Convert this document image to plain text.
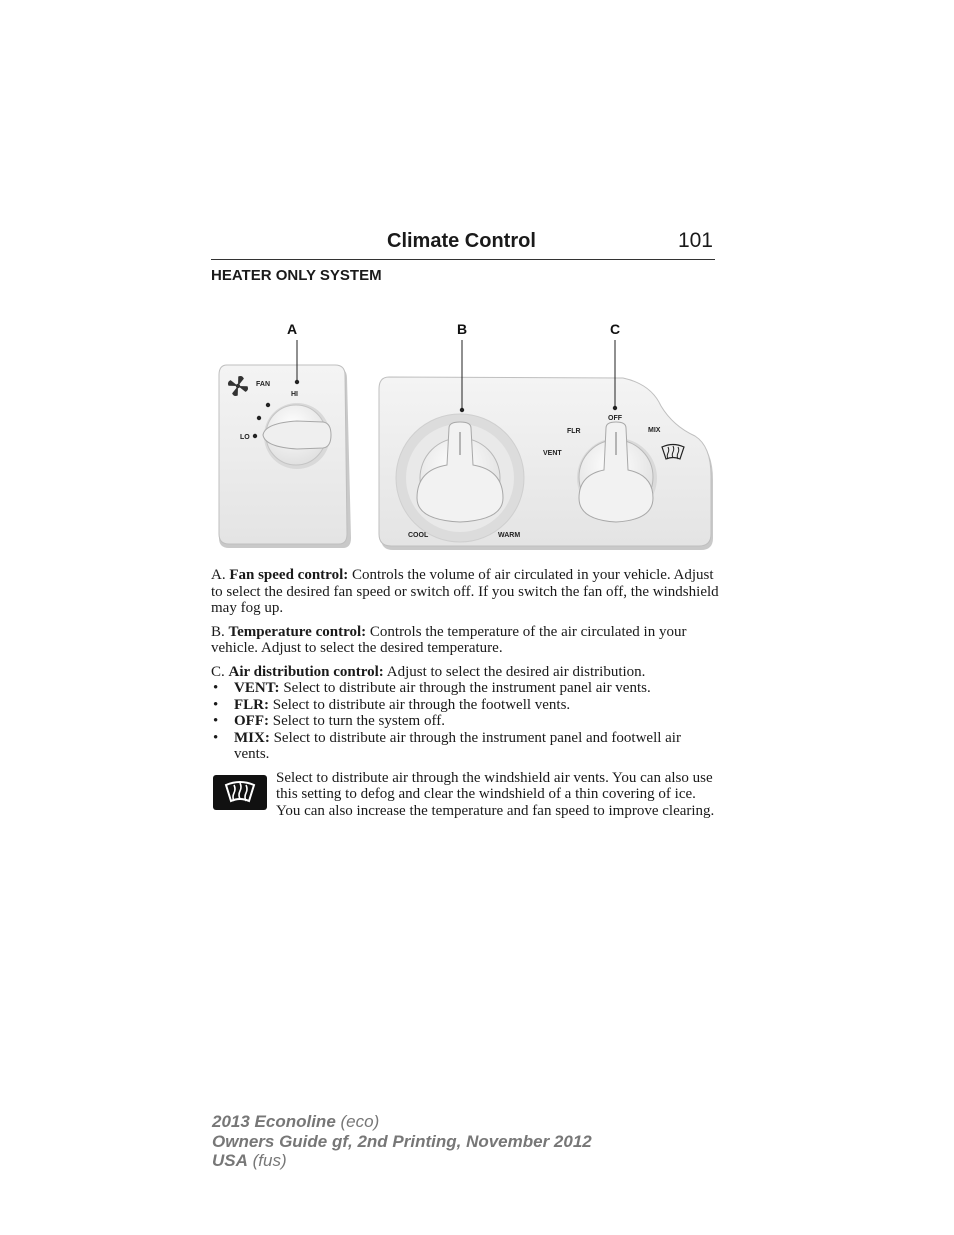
Climate Control	101
HEATER ONLY SYSTEM
A	B	C
FAN
HI
LO
COOL	WARM
OFF
FLR	MIX
VENT

A. Fan speed control: Controls the volume of air circulated in your vehicle. Adjust to select the desired fan speed or switch off. If you switch the fan off, the windshield may fog up.

B. Temperature control: Controls the temperature of the air circulated in your vehicle. Adjust to select the desired temperature.

C. Air distribution control: Adjust to select the desired air distribution.

• VENT: Select to distribute air through the instrument panel air vents.
• FLR: Select to distribute air through the footwell vents.
• OFF: Select to turn the system off.
• MIX: Select to distribute air through the instrument panel and footwell air vents.
Select to distribute air through the windshield air vents. You can also use this setting to defog and clear the windshield of a thin covering of ice. You can also increase the temperature and fan speed to improve clearing.
2013 Econoline (eco)
Owners Guide gf, 2nd Printing, November 2012
USA (fus)
